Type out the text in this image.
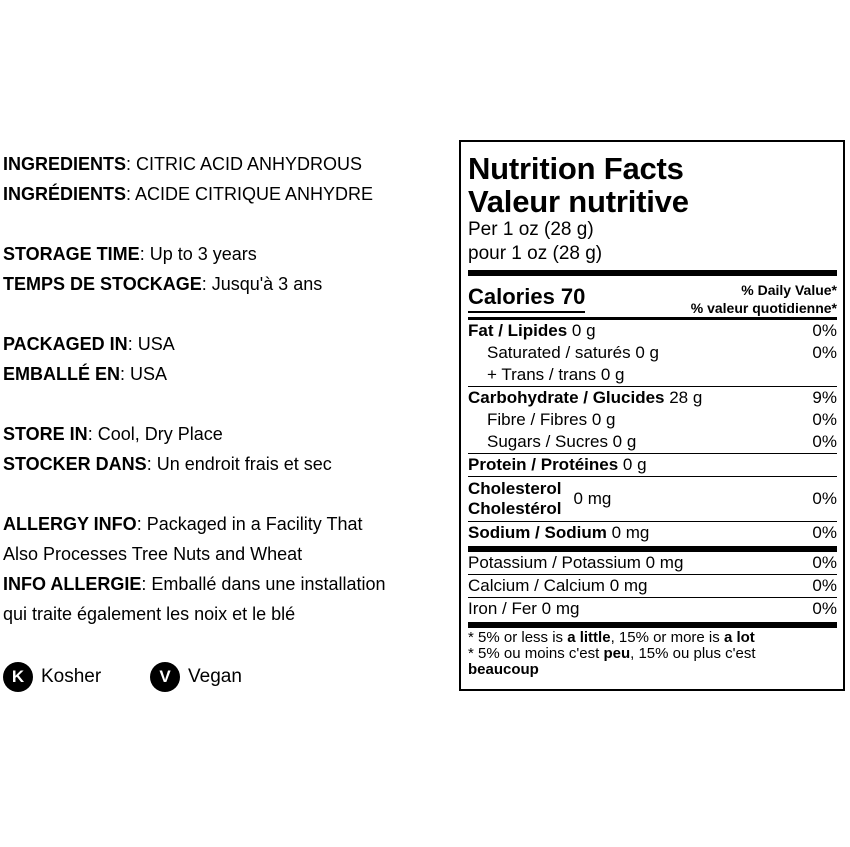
INGREDIENTS: CITRIC ACID ANHYDROUS
INGRÉDIENTS: ACIDE CITRIQUE ANHYDRE
STORAGE TIME: Up to 3 years
TEMPS DE STOCKAGE: Jusqu'à 3 ans
PACKAGED IN: USA
EMBALLÉ EN: USA
STORE IN: Cool, Dry Place
STOCKER DANS: Un endroit frais et sec
ALLERGY INFO: Packaged in a Facility That
Also Processes Tree Nuts and Wheat
INFO ALLERGIE: Emballé dans une installation
qui traite également les noix et le blé
K Kosher	V Vegan
Nutrition Facts
Valeur nutritive
Per 1 oz (28 g)
pour 1 oz (28 g)
Calories 70	% Daily Value*
% valeur quotidienne*
Fat / Lipides 0 g	0%
Saturated / saturés 0 g	0%
+ Trans / trans 0 g
Carbohydrate / Glucides 28 g	9%
Fibre / Fibres 0 g	0%
Sugars / Sucres 0 g	0%
Protein / Protéines 0 g
Cholesterol
Cholestérol
0 mg	0%
Sodium / Sodium 0 mg	0%
Potassium / Potassium 0 mg	0%
Calcium / Calcium 0 mg	0%
Iron / Fer 0 mg	0%
* 5% or less is a little, 15% or more is a lot
* 5% ou moins c'est peu, 15% ou plus c'est
beaucoup
